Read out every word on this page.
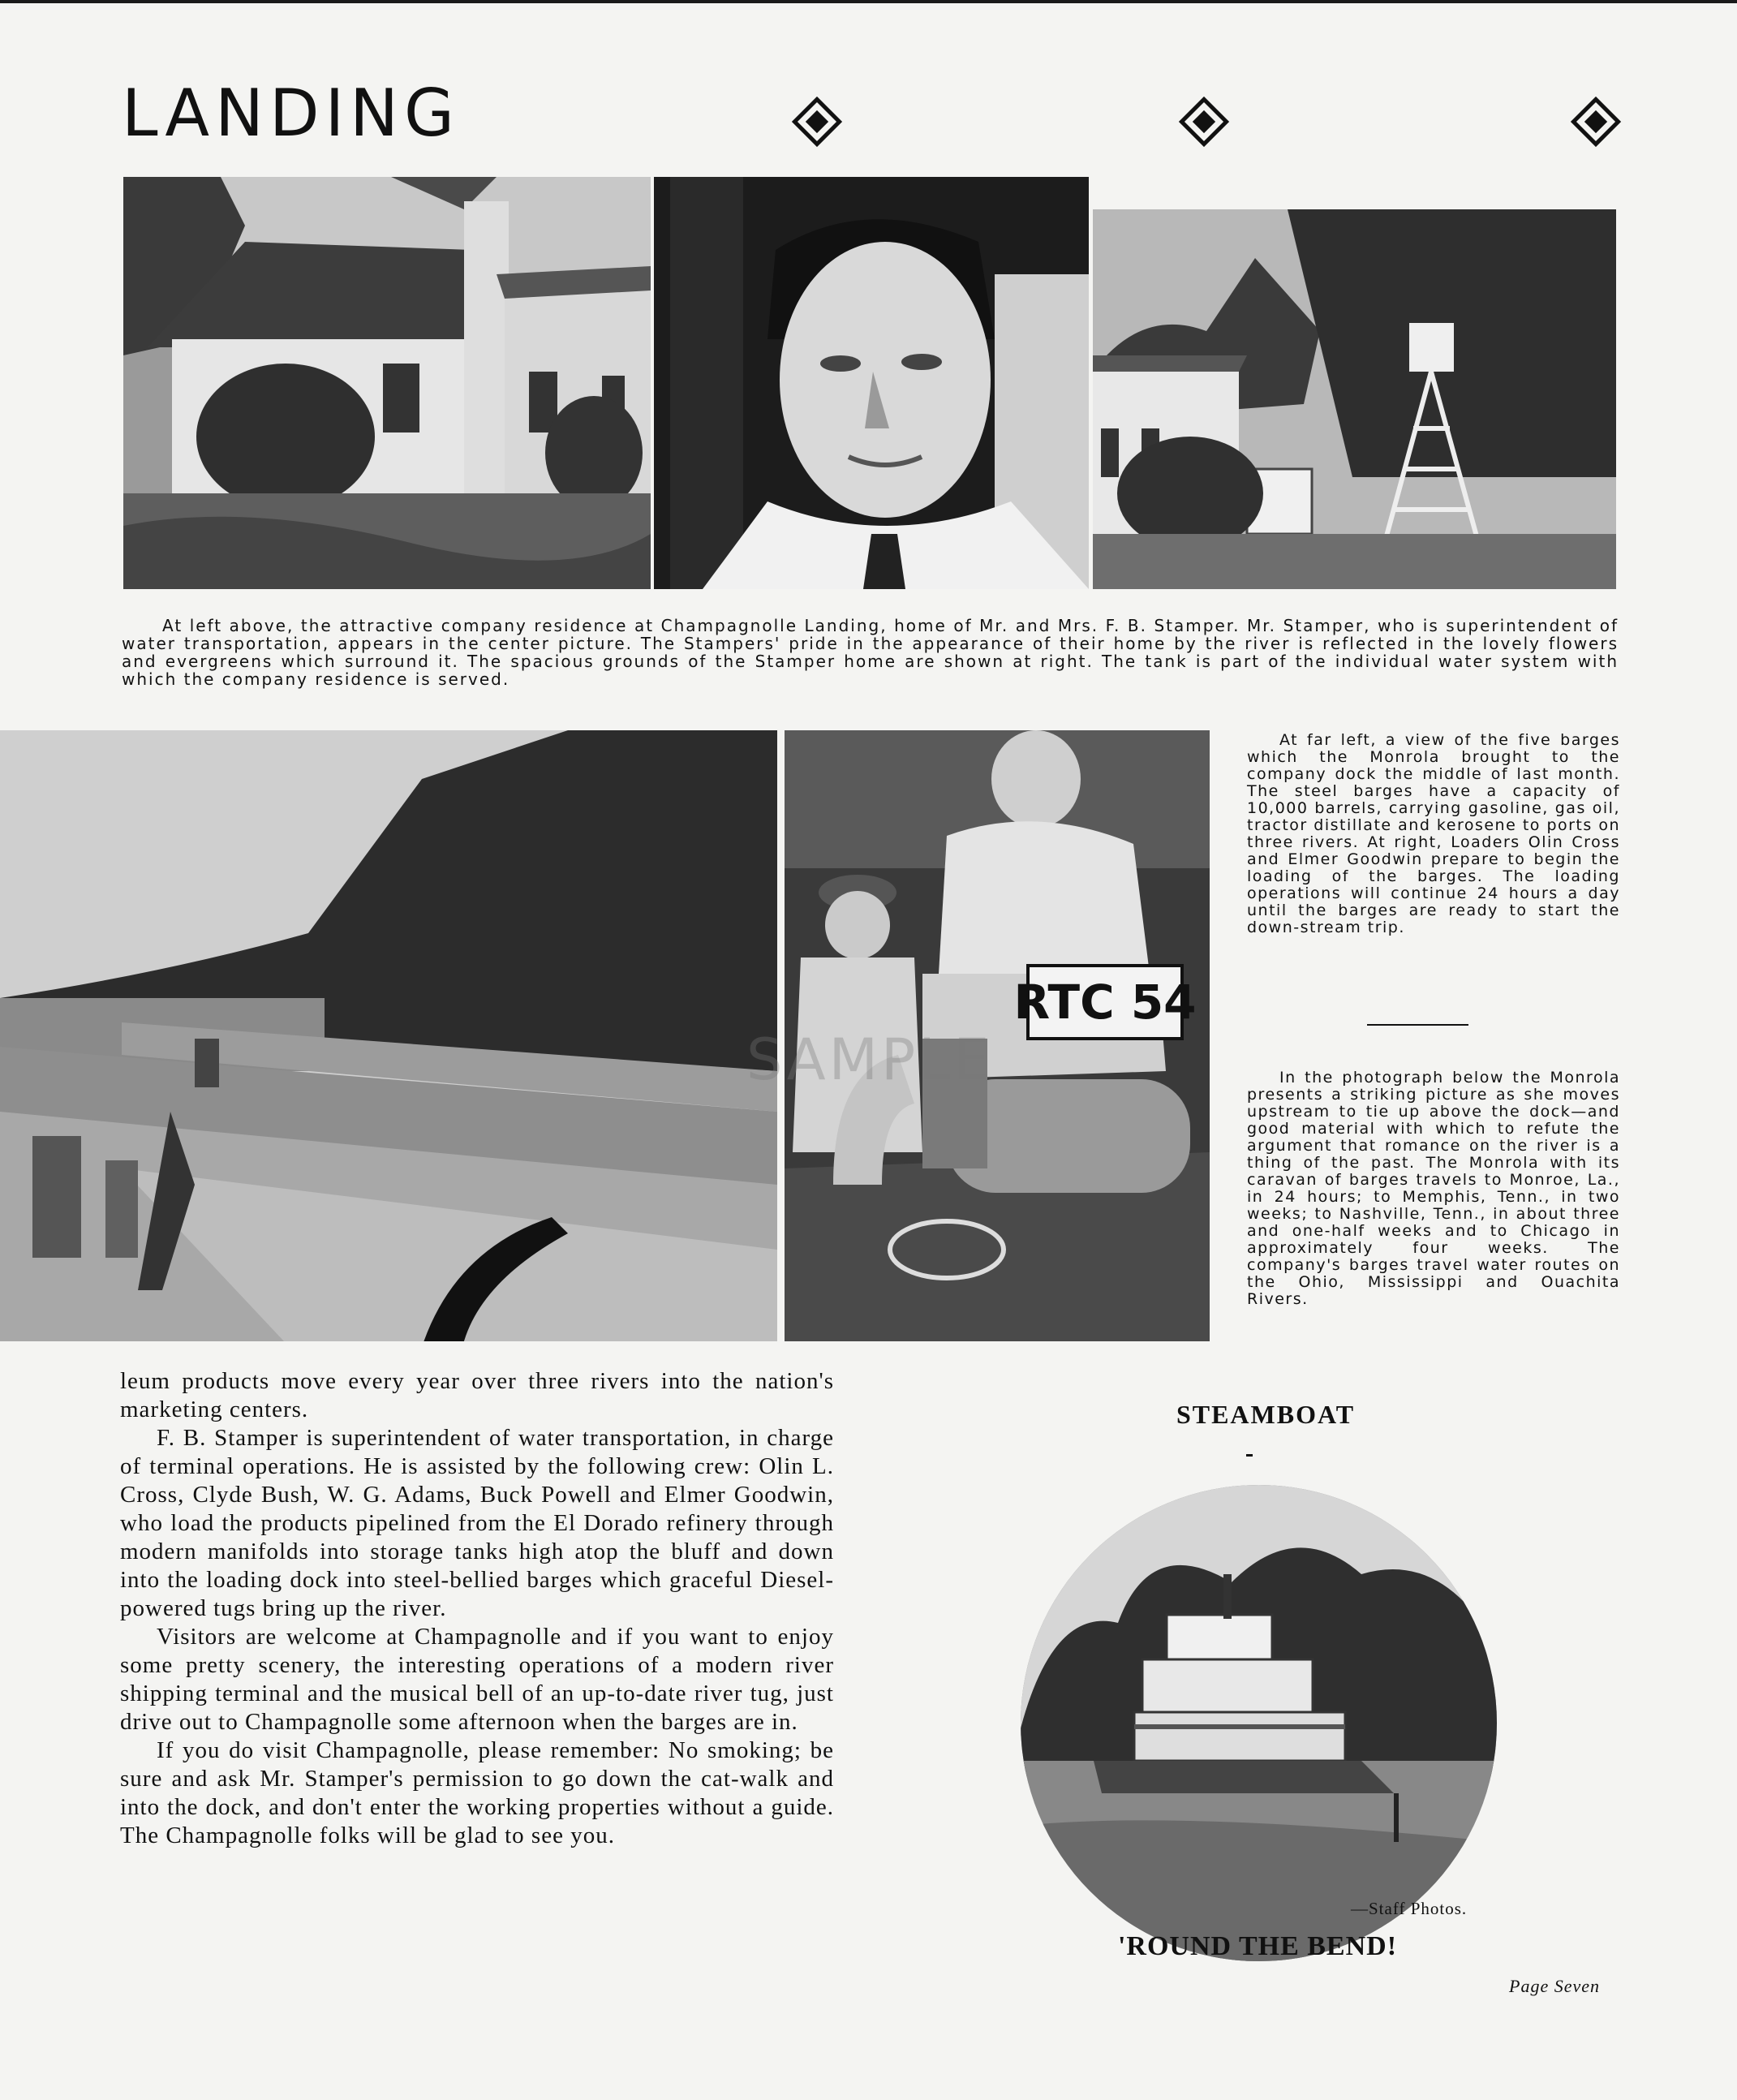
LANDING

At left above, the attractive company residence at Champagnolle Landing, home of Mr. and Mrs. F. B. Stamper. Mr. Stamper, who is superintendent of water transportation, appears in the center picture. The Stampers' pride in the appearance of their home by the river is reflected in the lovely flowers and evergreens which surround it. The spacious grounds of the Stamper home are shown at right. The tank is part of the individual water system with which the company residence is served.

RTC 54

At far left, a view of the five barges which the Monrola brought to the company dock the middle of last month. The steel barges have a capacity of 10,000 barrels, carrying gasoline, gas oil, tractor distillate and kerosene to ports on three rivers. At right, Loaders Olin Cross and Elmer Goodwin prepare to begin the loading of the barges. The loading operations will continue 24 hours a day until the barges are ready to start the down-stream trip.

In the photograph below the Monrola presents a striking picture as she moves upstream to tie up above the dock—and good material with which to refute the argument that romance on the river is a thing of the past. The Monrola with its caravan of barges travels to Monroe, La., in 24 hours; to Memphis, Tenn., in two weeks; to Nashville, Tenn., in about three and one-half weeks and to Chicago in approximately four weeks. The company's barges travel water routes on the Ohio, Mississippi and Ouachita Rivers.

SAMPLE

leum products move every year over three rivers into the nation's marketing centers.

F. B. Stamper is superintendent of water transportation, in charge of terminal operations. He is assisted by the following crew: Olin L. Cross, Clyde Bush, W. G. Adams, Buck Powell and Elmer Goodwin, who load the products pipelined from the El Dorado refinery through modern manifolds into storage tanks high atop the bluff and down into the loading dock into steel-bellied barges which graceful Diesel-powered tugs bring up the river.

Visitors are welcome at Champagnolle and if you want to enjoy some pretty scenery, the interesting operations of a modern river shipping terminal and the musical bell of an up-to-date river tug, just drive out to Champagnolle some afternoon when the barges are in.

If you do visit Champagnolle, please remember: No smoking; be sure and ask Mr. Stamper's permission to go down the cat-walk and into the dock, and don't enter the working properties without a guide. The Champagnolle folks will be glad to see you.

STEAMBOAT
—Staff Photos.
'ROUND THE BEND!
Page Seven
